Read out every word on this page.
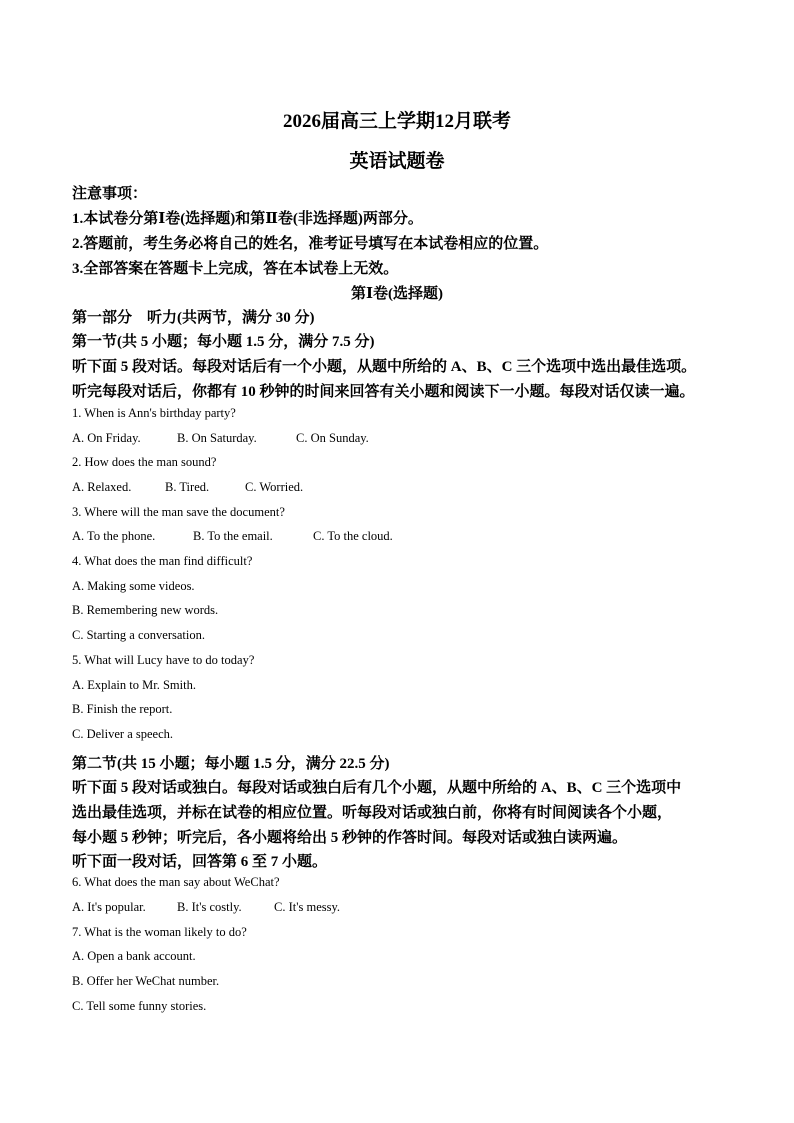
2026届高三上学期12月联考
英语试题卷
注意事项：
1.本试卷分第Ⅰ卷(选择题)和第Ⅱ卷(非选择题)两部分。
2.答题前，考生务必将自己的姓名，准考证号填写在本试卷相应的位置。
3.全部答案在答题卡上完成，答在本试卷上无效。
第Ⅰ卷(选择题)
第一部分　听力(共两节，满分 30 分)
第一节(共 5 小题；每小题 1.5 分，满分 7.5 分)
听下面 5 段对话。每段对话后有一个小题，从题中所给的 A、B、C 三个选项中选出最佳选项。
听完每段对话后，你都有 10 秒钟的时间来回答有关小题和阅读下一小题。每段对话仅读一遍。
1. When is Ann's birthday party?
A. On Friday.	B. On Saturday.	C. On Sunday.
2. How does the man sound?
A. Relaxed.	B. Tired.	C. Worried.
3. Where will the man save the document?
A. To the phone.	B. To the email.	C. To the cloud.
4. What does the man find difficult?
A. Making some videos.
B. Remembering new words.
C. Starting a conversation.
5. What will Lucy have to do today?
A. Explain to Mr. Smith.
B. Finish the report.
C. Deliver a speech.
第二节(共 15 小题；每小题 1.5 分，满分 22.5 分)
听下面 5 段对话或独白。每段对话或独白后有几个小题，从题中所给的 A、B、C 三个选项中
选出最佳选项，并标在试卷的相应位置。听每段对话或独白前，你将有时间阅读各个小题，
每小题 5 秒钟；听完后，各小题将给出 5 秒钟的作答时间。每段对话或独白读两遍。
听下面一段对话，回答第 6 至 7 小题。
6. What does the man say about WeChat?
A. It's popular. B. It's costly.	C. It's messy.
7. What is the woman likely to do?
A. Open a bank account.
B. Offer her WeChat number.
C. Tell some funny stories.
